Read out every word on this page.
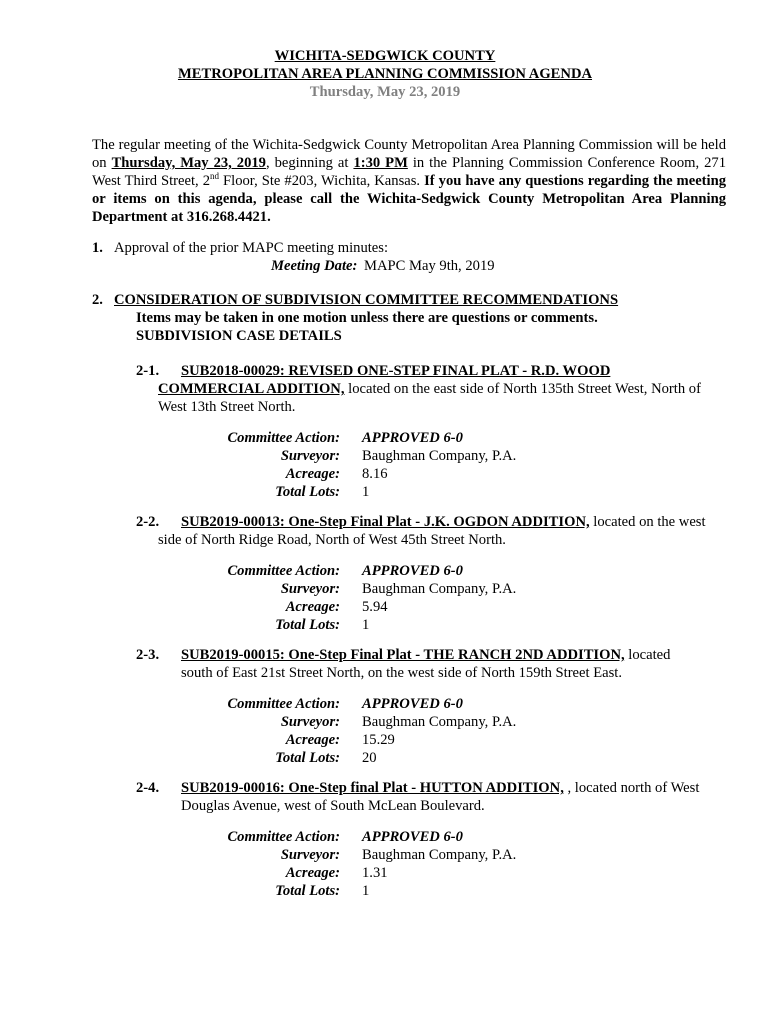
WICHITA-SEDGWICK COUNTY
METROPOLITAN AREA PLANNING COMMISSION AGENDA
Thursday, May 23, 2019
The regular meeting of the Wichita-Sedgwick County Metropolitan Area Planning Commission will be held on Thursday, May 23, 2019, beginning at 1:30 PM in the Planning Commission Conference Room, 271 West Third Street, 2nd Floor, Ste #203, Wichita, Kansas. If you have any questions regarding the meeting or items on this agenda, please call the Wichita-Sedgwick County Metropolitan Area Planning Department at 316.268.4421.
1. Approval of the prior MAPC meeting minutes:
Meeting Date: MAPC May 9th, 2019
2. CONSIDERATION OF SUBDIVISION COMMITTEE RECOMMENDATIONS
Items may be taken in one motion unless there are questions or comments.
SUBDIVISION CASE DETAILS
2-1. SUB2018-00029: REVISED ONE-STEP FINAL PLAT - R.D. WOOD
COMMERCIAL ADDITION, located on the east side of North 135th Street West, North of
West 13th Street North.
Committee Action: APPROVED 6-0
Surveyor: Baughman Company, P.A.
Acreage: 8.16
Total Lots: 1
2-2. SUB2019-00013: One-Step Final Plat - J.K. OGDON ADDITION, located on the west
side of North Ridge Road, North of West 45th Street North.
Committee Action: APPROVED 6-0
Surveyor: Baughman Company, P.A.
Acreage: 5.94
Total Lots: 1
2-3. SUB2019-00015: One-Step Final Plat - THE RANCH 2ND ADDITION, located
south of East 21st Street North, on the west side of North 159th Street East.
Committee Action: APPROVED 6-0
Surveyor: Baughman Company, P.A.
Acreage: 15.29
Total Lots: 20
2-4. SUB2019-00016: One-Step final Plat - HUTTON ADDITION, , located north of West
Douglas Avenue, west of South McLean Boulevard.
Committee Action: APPROVED 6-0
Surveyor: Baughman Company, P.A.
Acreage: 1.31
Total Lots: 1
